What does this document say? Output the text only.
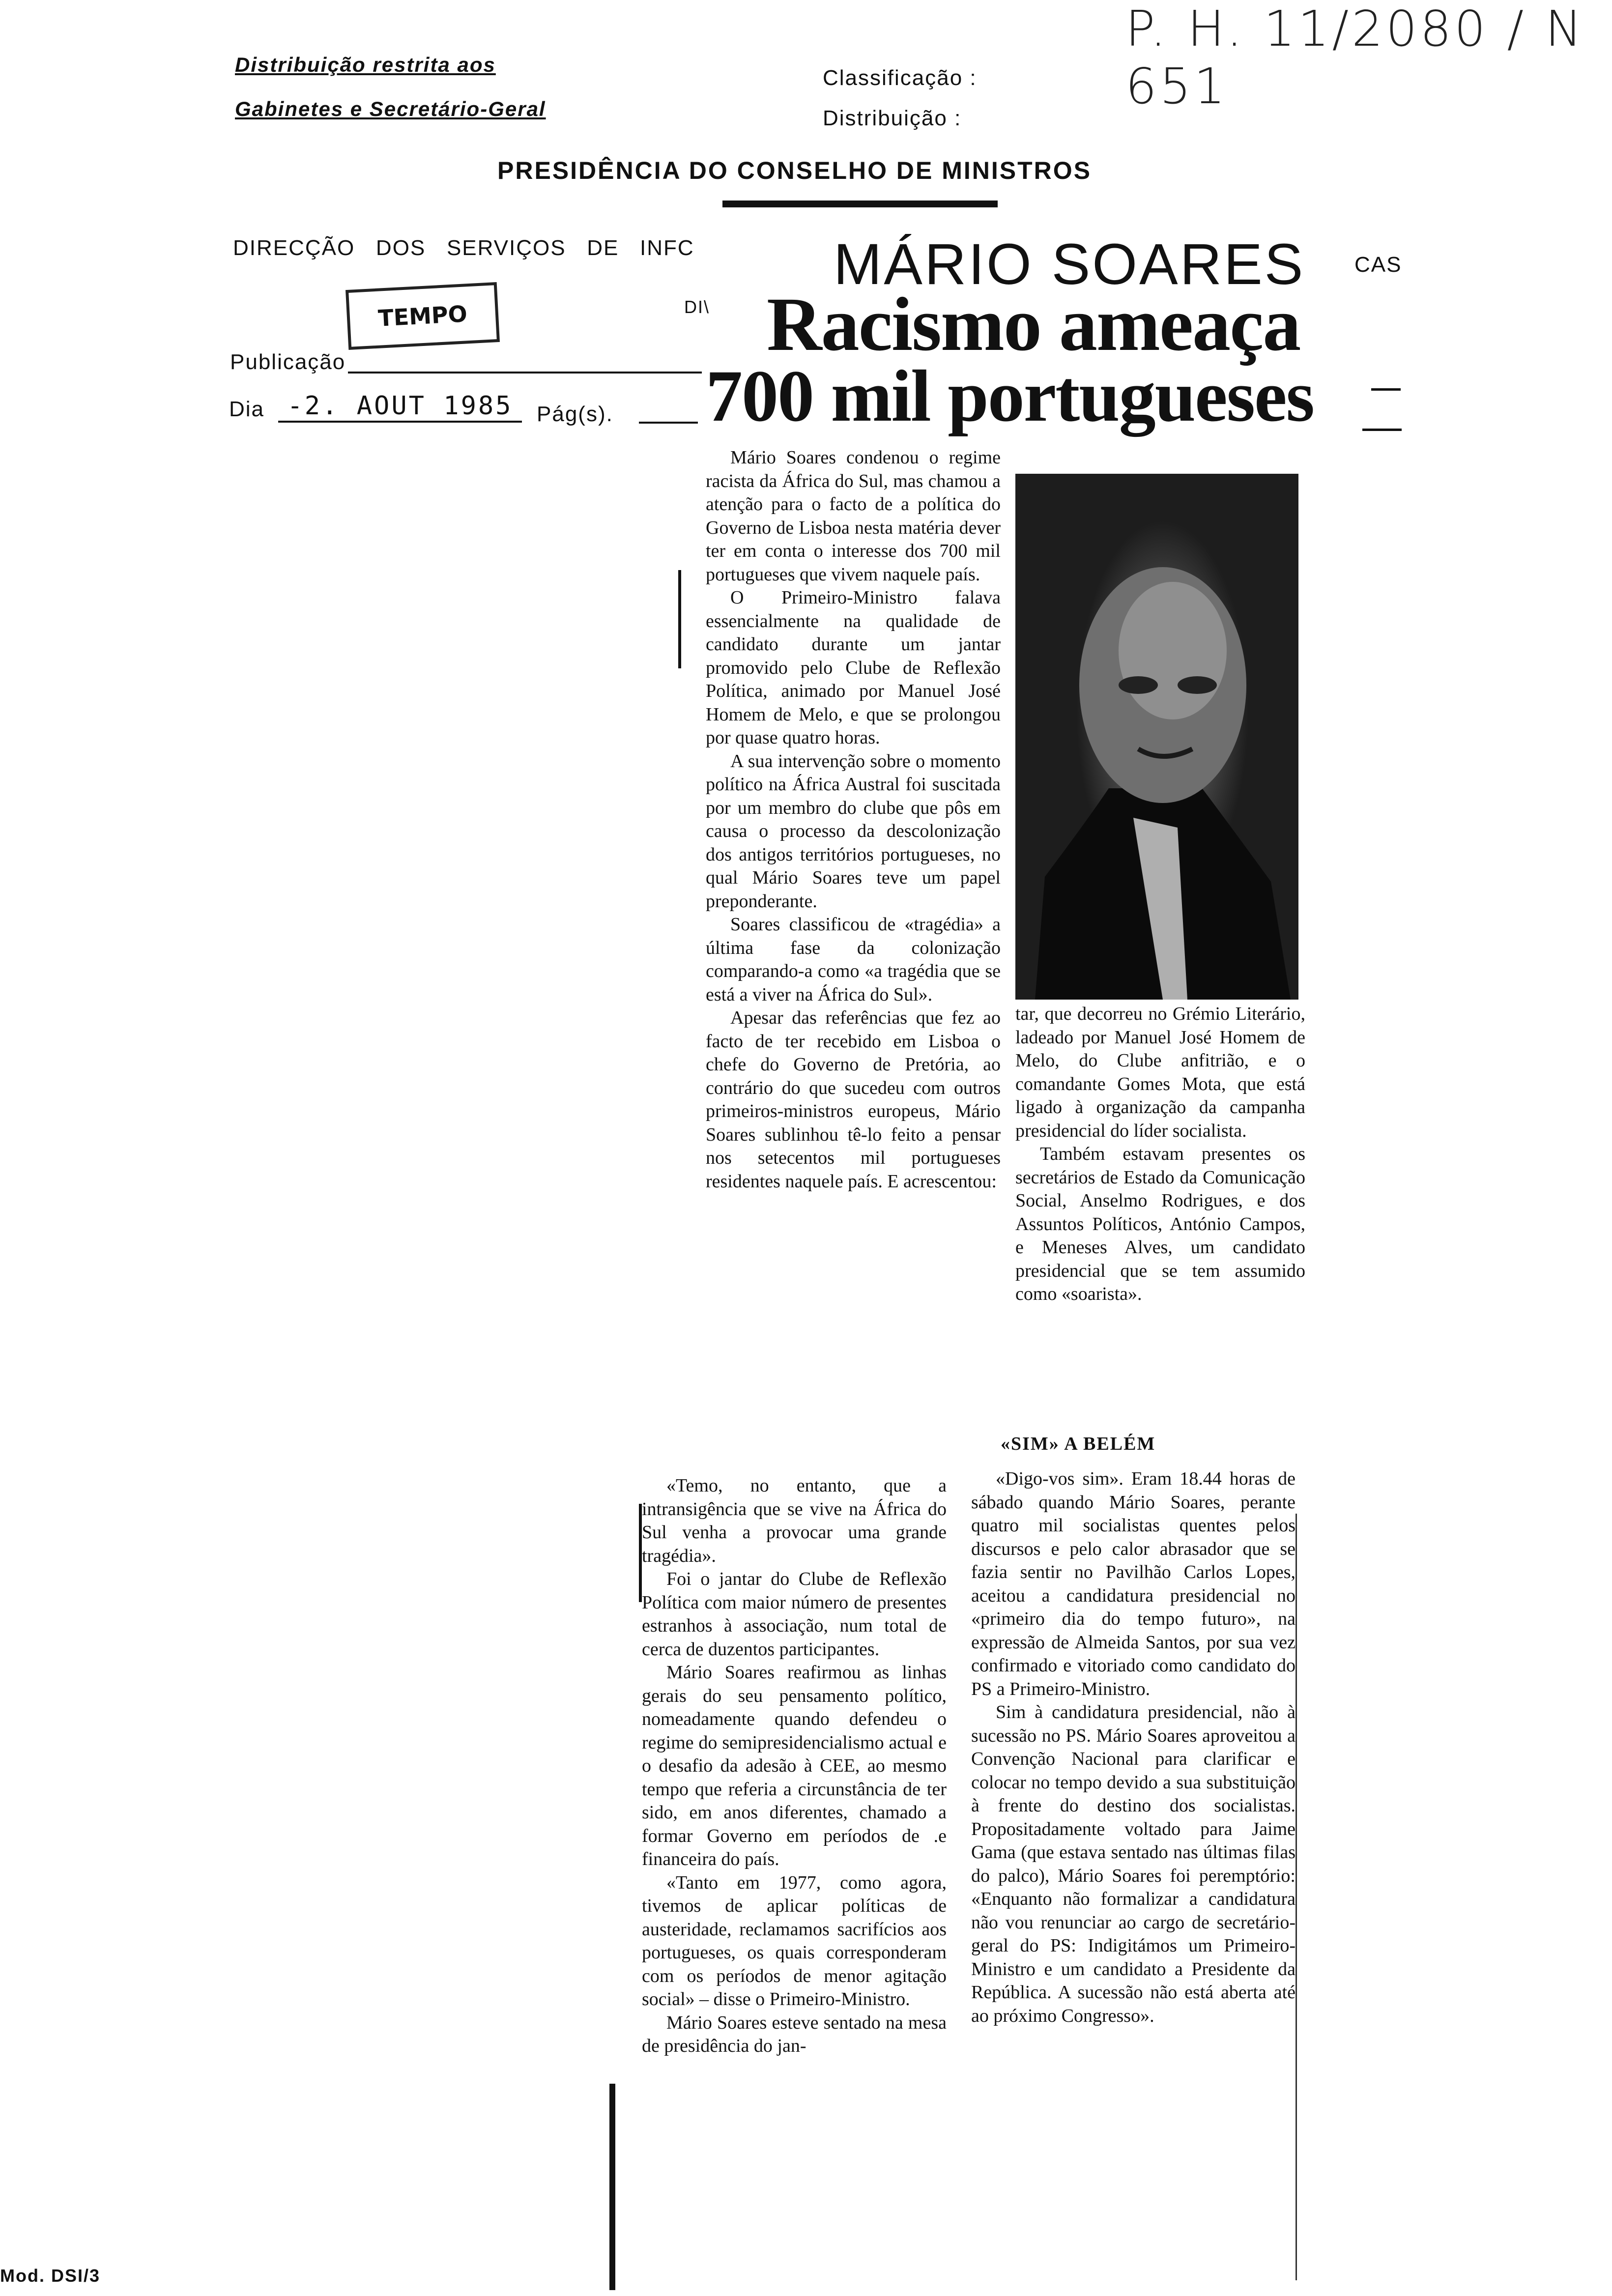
Distribuição restrita aos
Gabinetes e Secretário-Geral
Classificação :
Distribuição :
P. H. 11/2080 / N 651
PRESIDÊNCIA DO CONSELHO DE MINISTROS
DIRECÇÃO   DOS   SERVIÇOS   DE   INFC
CAS
DI\
TEMPO
Publicação
Dia -2. AOUT 1985	Pág(s).
MÁRIO SOARES
Racismo ameaça
700 mil portugueses

Mário Soares condenou o regime racista da África do Sul, mas chamou a atenção para o facto de a política do Governo de Lisboa nesta matéria dever ter em conta o interesse dos 700 mil portugueses que vivem naquele país.

O Primeiro-Ministro falava essencialmente na qualidade de candidato durante um jantar promovido pelo Clube de Reflexão Política, animado por Manuel José Homem de Melo, e que se prolongou por quase quatro horas.

A sua intervenção sobre o momento político na África Austral foi suscitada por um membro do clube que pôs em causa o processo da descolonização dos antigos territórios portugueses, no qual Mário Soares teve um papel preponderante.

Soares classificou de «tragédia» a última fase da colonização comparando-a como «a tragédia que se está a viver na África do Sul».

Apesar das referências que fez ao facto de ter recebido em Lisboa o chefe do Governo de Pretória, ao contrário do que sucedeu com outros primeiros-ministros europeus, Mário Soares sublinhou tê-lo feito a pensar nos setecentos mil portugueses residentes naquele país. E acrescentou:

«Temo, no entanto, que a intransigência que se vive na África do Sul venha a provocar uma grande tragédia».

Foi o jantar do Clube de Reflexão Política com maior número de presentes estranhos à associação, num total de cerca de duzentos participantes.

Mário Soares reafirmou as linhas gerais do seu pensamento político, nomeadamente quando defendeu o regime do semipresidencialismo actual e o desafio da adesão à CEE, ao mesmo tempo que referia a circunstância de ter sido, em anos diferentes, chamado a formar Governo em períodos de .e financeira do país.

«Tanto em 1977, como agora, tivemos de aplicar políticas de austeridade, reclamamos sacrifícios aos portugueses, os quais corresponderam com os períodos de menor agitação social» – disse o Primeiro-Ministro.

Mário Soares esteve sentado na mesa de presidência do jan-

tar, que decorreu no Grémio Literário, ladeado por Manuel José Homem de Melo, do Clube anfitrião, e o comandante Gomes Mota, que está ligado à organização da campanha presidencial do líder socialista.

Também estavam presentes os secretários de Estado da Comunicação Social, Anselmo Rodrigues, e dos Assuntos Políticos, António Campos, e Meneses Alves, um candidato presidencial que se tem assumido como «soarista».

«SIM» A BELÉM

«Digo-vos sim». Eram 18.44 horas de sábado quando Mário Soares, perante quatro mil socialistas quentes pelos discursos e pelo calor abrasador que se fazia sentir no Pavilhão Carlos Lopes, aceitou a candidatura presidencial no «primeiro dia do tempo futuro», na expressão de Almeida Santos, por sua vez confirmado e vitoriado como candidato do PS a Primeiro-Ministro.

Sim à candidatura presidencial, não à sucessão no PS. Mário Soares aproveitou a Convenção Nacional para clarificar e colocar no tempo devido a sua substituição à frente do destino dos socialistas. Propositadamente voltado para Jaime Gama (que estava sentado nas últimas filas do palco), Mário Soares foi peremptório: «Enquanto não formalizar a candidatura não vou renunciar ao cargo de secretário-geral do PS: Indigitámos um Primeiro-Ministro e um candidato a Presidente da República. A sucessão não está aberta até ao próximo Congresso».

Mod. DSI/3
